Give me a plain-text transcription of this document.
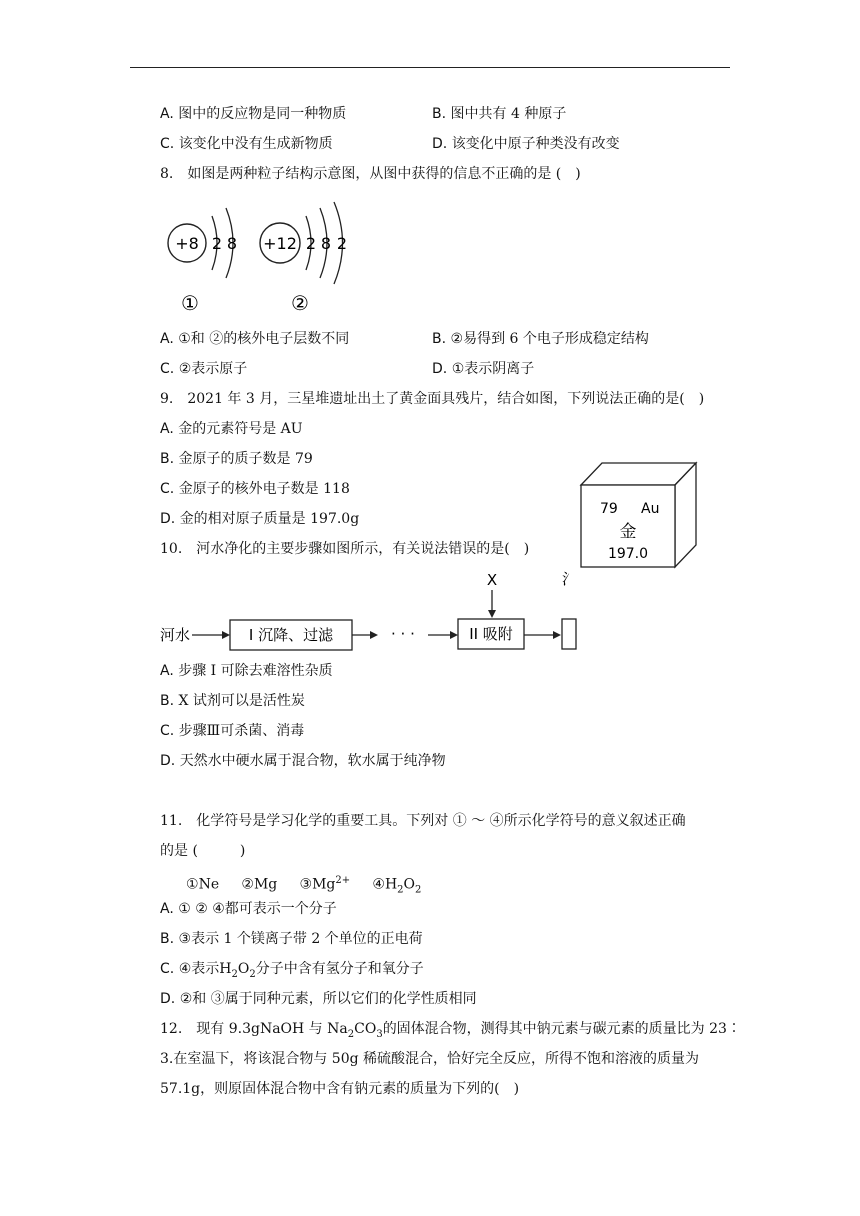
A. 图中的反应物是同一种物质	B. 图中共有 4 种原子
C. 该变化中没有生成新物质	D. 该变化中原子种类没有改变
8.　如图是两种粒子结构示意图，从图中获得的信息不正确的是 (　)
+8 2 8
①
+12 2 8 2
②
A. ①和 ②的核外电子层数不同	B. ②易得到 6 个电子形成稳定结构
C. ②表示原子	D. ①表示阴离子
9.　2021 年 3 月，三星堆遗址出土了黄金面具残片，结合如图，下列说法正确的是(　)
A. 金的元素符号是 AU
B. 金原子的质子数是 79
C. 金原子的核外电子数是 118
D. 金的相对原子质量是 197.0g
79 Au
金
197.0
10.　河水净化的主要步骤如图所示，有关说法错误的是(　)
河水	I 沉降、过滤	· · ·
X
II 吸附
氵
A. 步骤 I 可除去难溶性杂质
B. X 试剂可以是活性炭
C. 步骤Ⅲ可杀菌、消毒
D. 天然水中硬水属于混合物，软水属于纯净物
11.　化学符号是学习化学的重要工具。下列对 ① ～ ④所示化学符号的意义叙述正确
的是 (　　　)
①Ne ②Mg $③Mg^{2+}$ $④H_2O_2$
A. ① ② ④都可表示一个分子
B. ③表示 1 个镁离子带 2 个单位的正电荷
C. ④表示$H_2O_2$分子中含有氢分子和氧分子
D. ②和 ③属于同种元素，所以它们的化学性质相同
12.　现有 9.3gNaOH 与 $Na_2CO_3$的固体混合物，测得其中钠元素与碳元素的质量比为 23∶
3.在室温下，将该混合物与 50g 稀硫酸混合，恰好完全反应，所得不饱和溶液的质量为
57.1g，则原固体混合物中含有钠元素的质量为下列的(　)
